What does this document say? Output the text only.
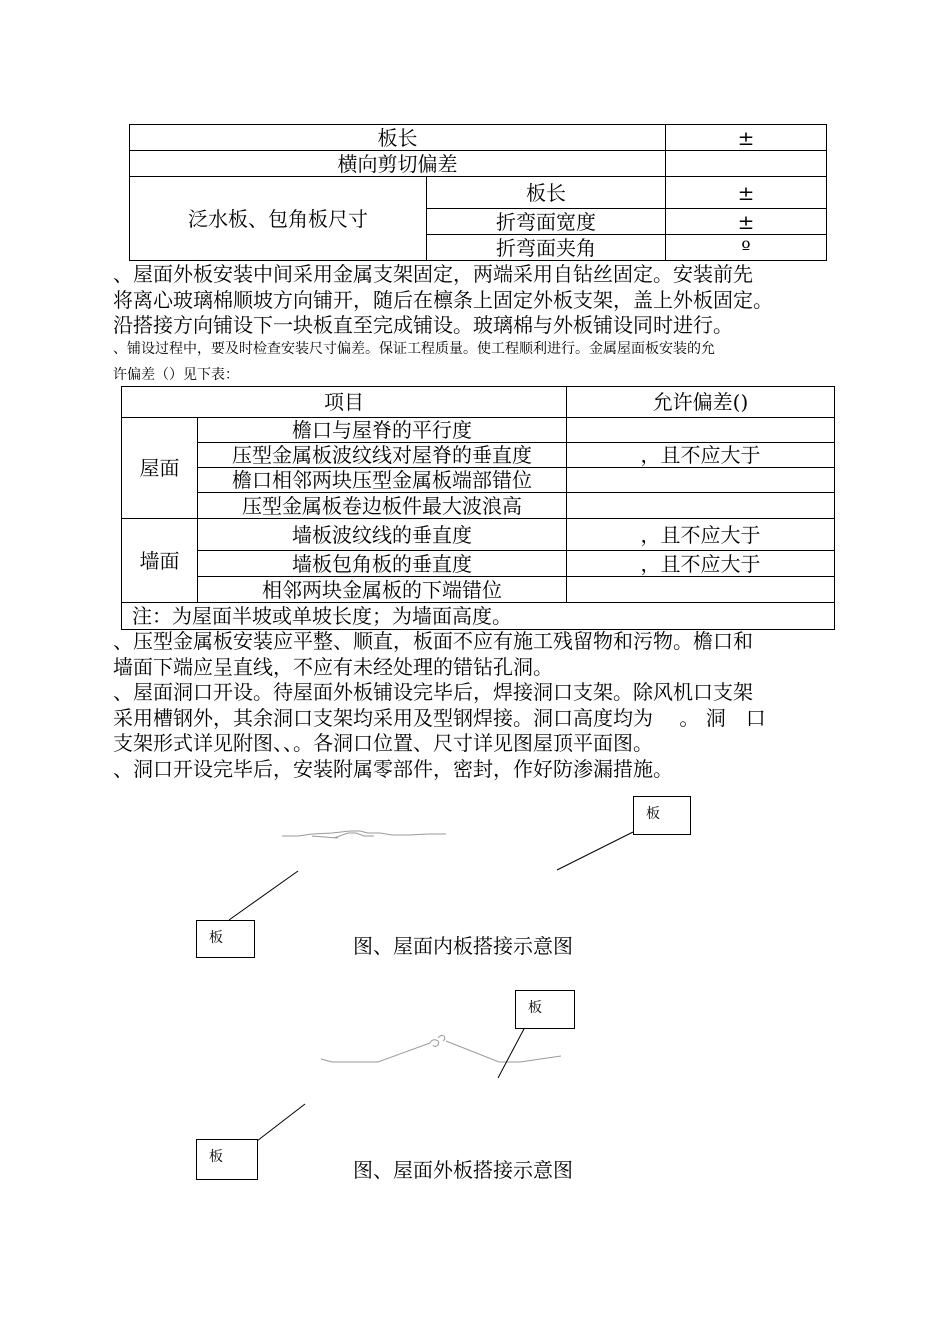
板长		±
横向剪切偏差		
泛水板、包角板尺寸	板长	±
	折弯面宽度	±
	折弯面夹角	º
、屋面外板安装中间采用金属支架固定，两端采用自钻丝固定。安装前先
将离心玻璃棉顺坡方向铺开，随后在檩条上固定外板支架，盖上外板固定。
沿搭接方向铺设下一块板直至完成铺设。玻璃棉与外板铺设同时进行。
、铺设过程中，要及时检查安装尺寸偏差。保证工程质量。使工程顺利进行。金属屋面板安装的允
许偏差（）见下表：
项目		允许偏差()
屋面	檐口与屋脊的平行度	
	压型金属板波纹线对屋脊的垂直度	，且不应大于
	檐口相邻两块压型金属板端部错位	
	压型金属板卷边板件最大波浪高	
墙面	墙板波纹线的垂直度	，且不应大于
	墙板包角板的垂直度	，且不应大于
	相邻两块金属板的下端错位	
注：为屋面半坡或单坡长度；为墙面高度。		
、压型金属板安装应平整、顺直，板面不应有施工残留物和污物。檐口和
墙面下端应呈直线，不应有未经处理的错钻孔洞。
、屋面洞口开设。待屋面外板铺设完毕后，焊接洞口支架。除风机口支架
采用槽钢外，其余洞口支架均采用及型钢焊接。洞口高度均为　 。 洞　口
支架形式详见附图、、。各洞口位置、尺寸详见图屋顶平面图。
、洞口开设完毕后，安装附属零部件，密封，作好防渗漏措施。
板
板	图、屋面内板搭接示意图
板
板
图、屋面外板搭接示意图
